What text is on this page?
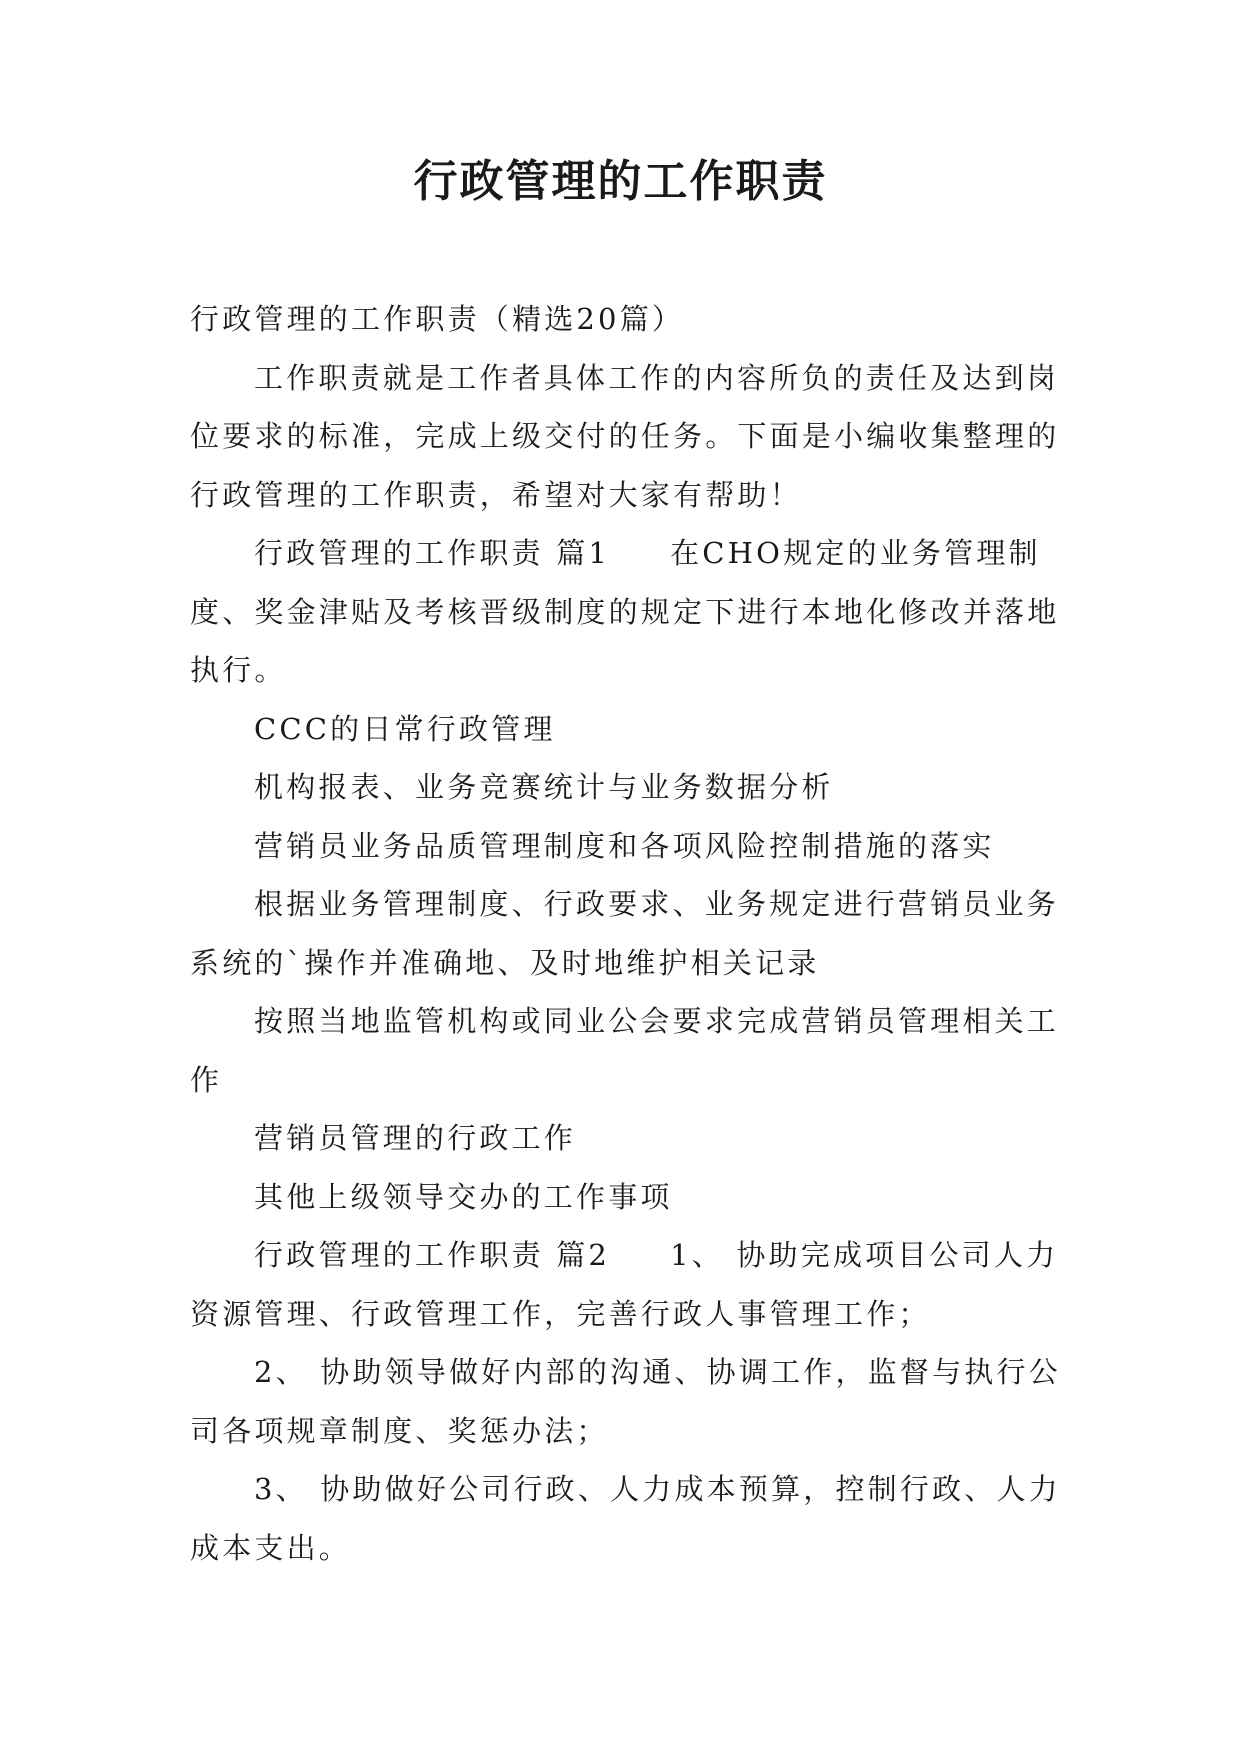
行政管理的工作职责

行政管理的工作职责（精选20篇）

工作职责就是工作者具体工作的内容所负的责任及达到岗位要求的标准，完成上级交付的任务。下面是小编收集整理的行政管理的工作职责，希望对大家有帮助！

行政管理的工作职责 篇1 在CHO规定的业务管理制度、奖金津贴及考核晋级制度的规定下进行本地化修改并落地执行。

CCC的日常行政管理

机构报表、业务竞赛统计与业务数据分析

营销员业务品质管理制度和各项风险控制措施的落实

根据业务管理制度、行政要求、业务规定进行营销员业务系统的`操作并准确地、及时地维护相关记录

按照当地监管机构或同业公会要求完成营销员管理相关工作

营销员管理的行政工作

其他上级领导交办的工作事项

行政管理的工作职责 篇2 1、 协助完成项目公司人力资源管理、行政管理工作，完善行政人事管理工作；

2、 协助领导做好内部的沟通、协调工作，监督与执行公司各项规章制度、奖惩办法；

3、 协助做好公司行政、人力成本预算，控制行政、人力成本支出。
